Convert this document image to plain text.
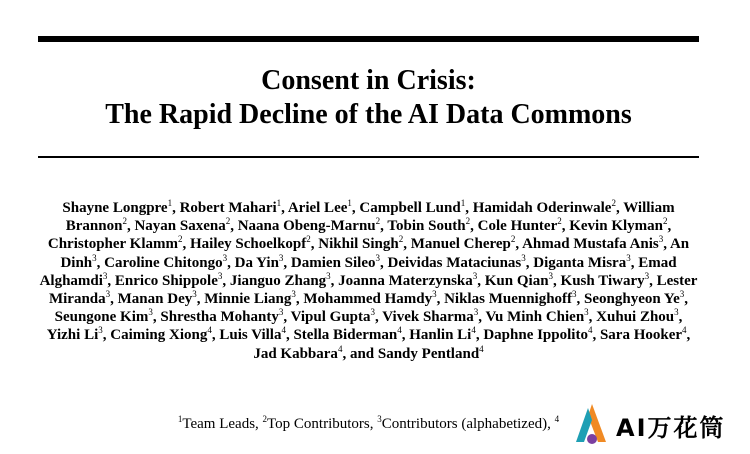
Consent in Crisis:
The Rapid Decline of the AI Data Commons
Shayne Longpre$^1$, Robert Mahari$^1$, Ariel Lee$^1$, Campbell Lund$^1$, Hamidah Oderinwale$^2$, William Brannon$^2$, Nayan Saxena$^2$, Naana Obeng-Marnu$^2$, Tobin South$^2$, Cole Hunter$^2$, Kevin Klyman$^2$, Christopher Klamm$^2$, Hailey Schoelkopf$^2$, Nikhil Singh$^2$, Manuel Cherep$^2$, Ahmad Mustafa Anis$^3$, An Dinh$^3$, Caroline Chitongo$^3$, Da Yin$^3$, Damien Sileo$^3$, Deividas Mataciunas$^3$, Diganta Misra$^3$, Emad Alghamdi$^3$, Enrico Shippole$^3$, Jianguo Zhang$^3$, Joanna Materzynska$^3$, Kun Qian$^3$, Kush Tiwary$^3$, Lester Miranda$^3$, Manan Dey$^3$, Minnie Liang$^3$, Mohammed Hamdy$^3$, Niklas Muennighoff$^3$, Seonghyeon Ye$^3$, Seungone Kim$^3$, Shrestha Mohanty$^3$, Vipul Gupta$^3$, Vivek Sharma$^3$, Vu Minh Chien$^3$, Xuhui Zhou$^3$, Yizhi Li$^3$, Caiming Xiong$^4$, Luis Villa$^4$, Stella Biderman$^4$, Hanlin Li$^4$, Daphne Ippolito$^4$, Sara Hooker$^4$, Jad Kabbara$^4$, and Sandy Pentland$^4$
$^1$Team Leads, $^2$Top Contributors, $^3$Contributors (alphabetized), $^4$	AI万花筒
